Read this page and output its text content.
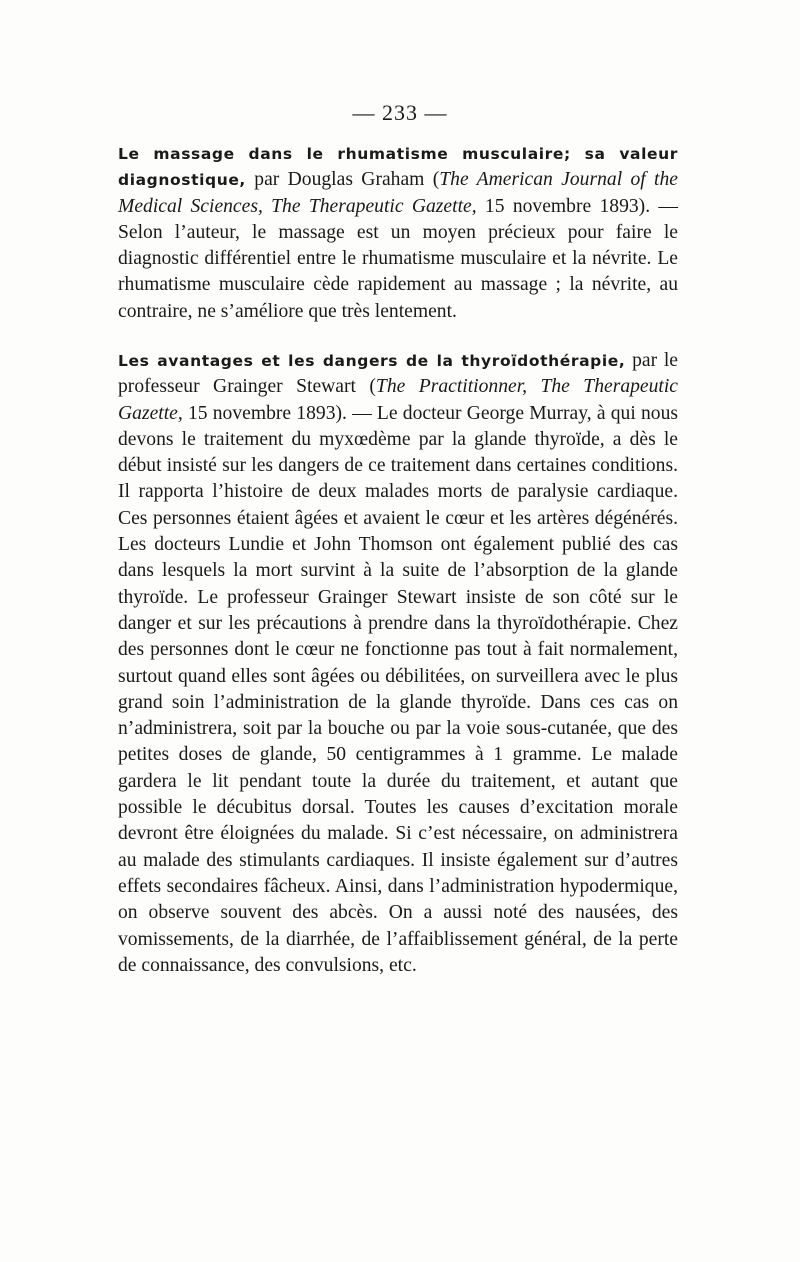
— 233 —

Le massage dans le rhumatisme musculaire; sa valeur diagnostique, par Douglas Graham (The American Journal of the Medical Sciences, The Therapeutic Gazette, 15 novembre 1893). — Selon l’auteur, le massage est un moyen précieux pour faire le diagnostic différentiel entre le rhumatisme musculaire et la névrite. Le rhumatisme musculaire cède rapidement au massage ; la névrite, au contraire, ne s’améliore que très lentement.

Les avantages et les dangers de la thyroïdothérapie, par le professeur Grainger Stewart (The Practitionner, The Therapeutic Gazette, 15 novembre 1893). — Le docteur George Murray, à qui nous devons le traitement du myxœdème par la glande thyroïde, a dès le début insisté sur les dangers de ce traitement dans certaines conditions. Il rapporta l’histoire de deux malades morts de paralysie cardiaque. Ces personnes étaient âgées et avaient le cœur et les artères dégénérés. Les docteurs Lundie et John Thomson ont également publié des cas dans lesquels la mort survint à la suite de l’absorption de la glande thyroïde. Le professeur Grainger Stewart insiste de son côté sur le danger et sur les précautions à prendre dans la thyroïdothérapie. Chez des personnes dont le cœur ne fonctionne pas tout à fait normalement, surtout quand elles sont âgées ou débilitées, on surveillera avec le plus grand soin l’administration de la glande thyroïde. Dans ces cas on n’administrera, soit par la bouche ou par la voie sous-cutanée, que des petites doses de glande, 50 centigrammes à 1 gramme. Le malade gardera le lit pendant toute la durée du traitement, et autant que possible le décubitus dorsal. Toutes les causes d’excitation morale devront être éloignées du malade. Si c’est nécessaire, on administrera au malade des stimulants cardiaques. Il insiste également sur d’autres effets secondaires fâcheux. Ainsi, dans l’administration hypodermique, on observe souvent des abcès. On a aussi noté des nausées, des vomissements, de la diarrhée, de l’affaiblissement général, de la perte de connaissance, des convulsions, etc.
